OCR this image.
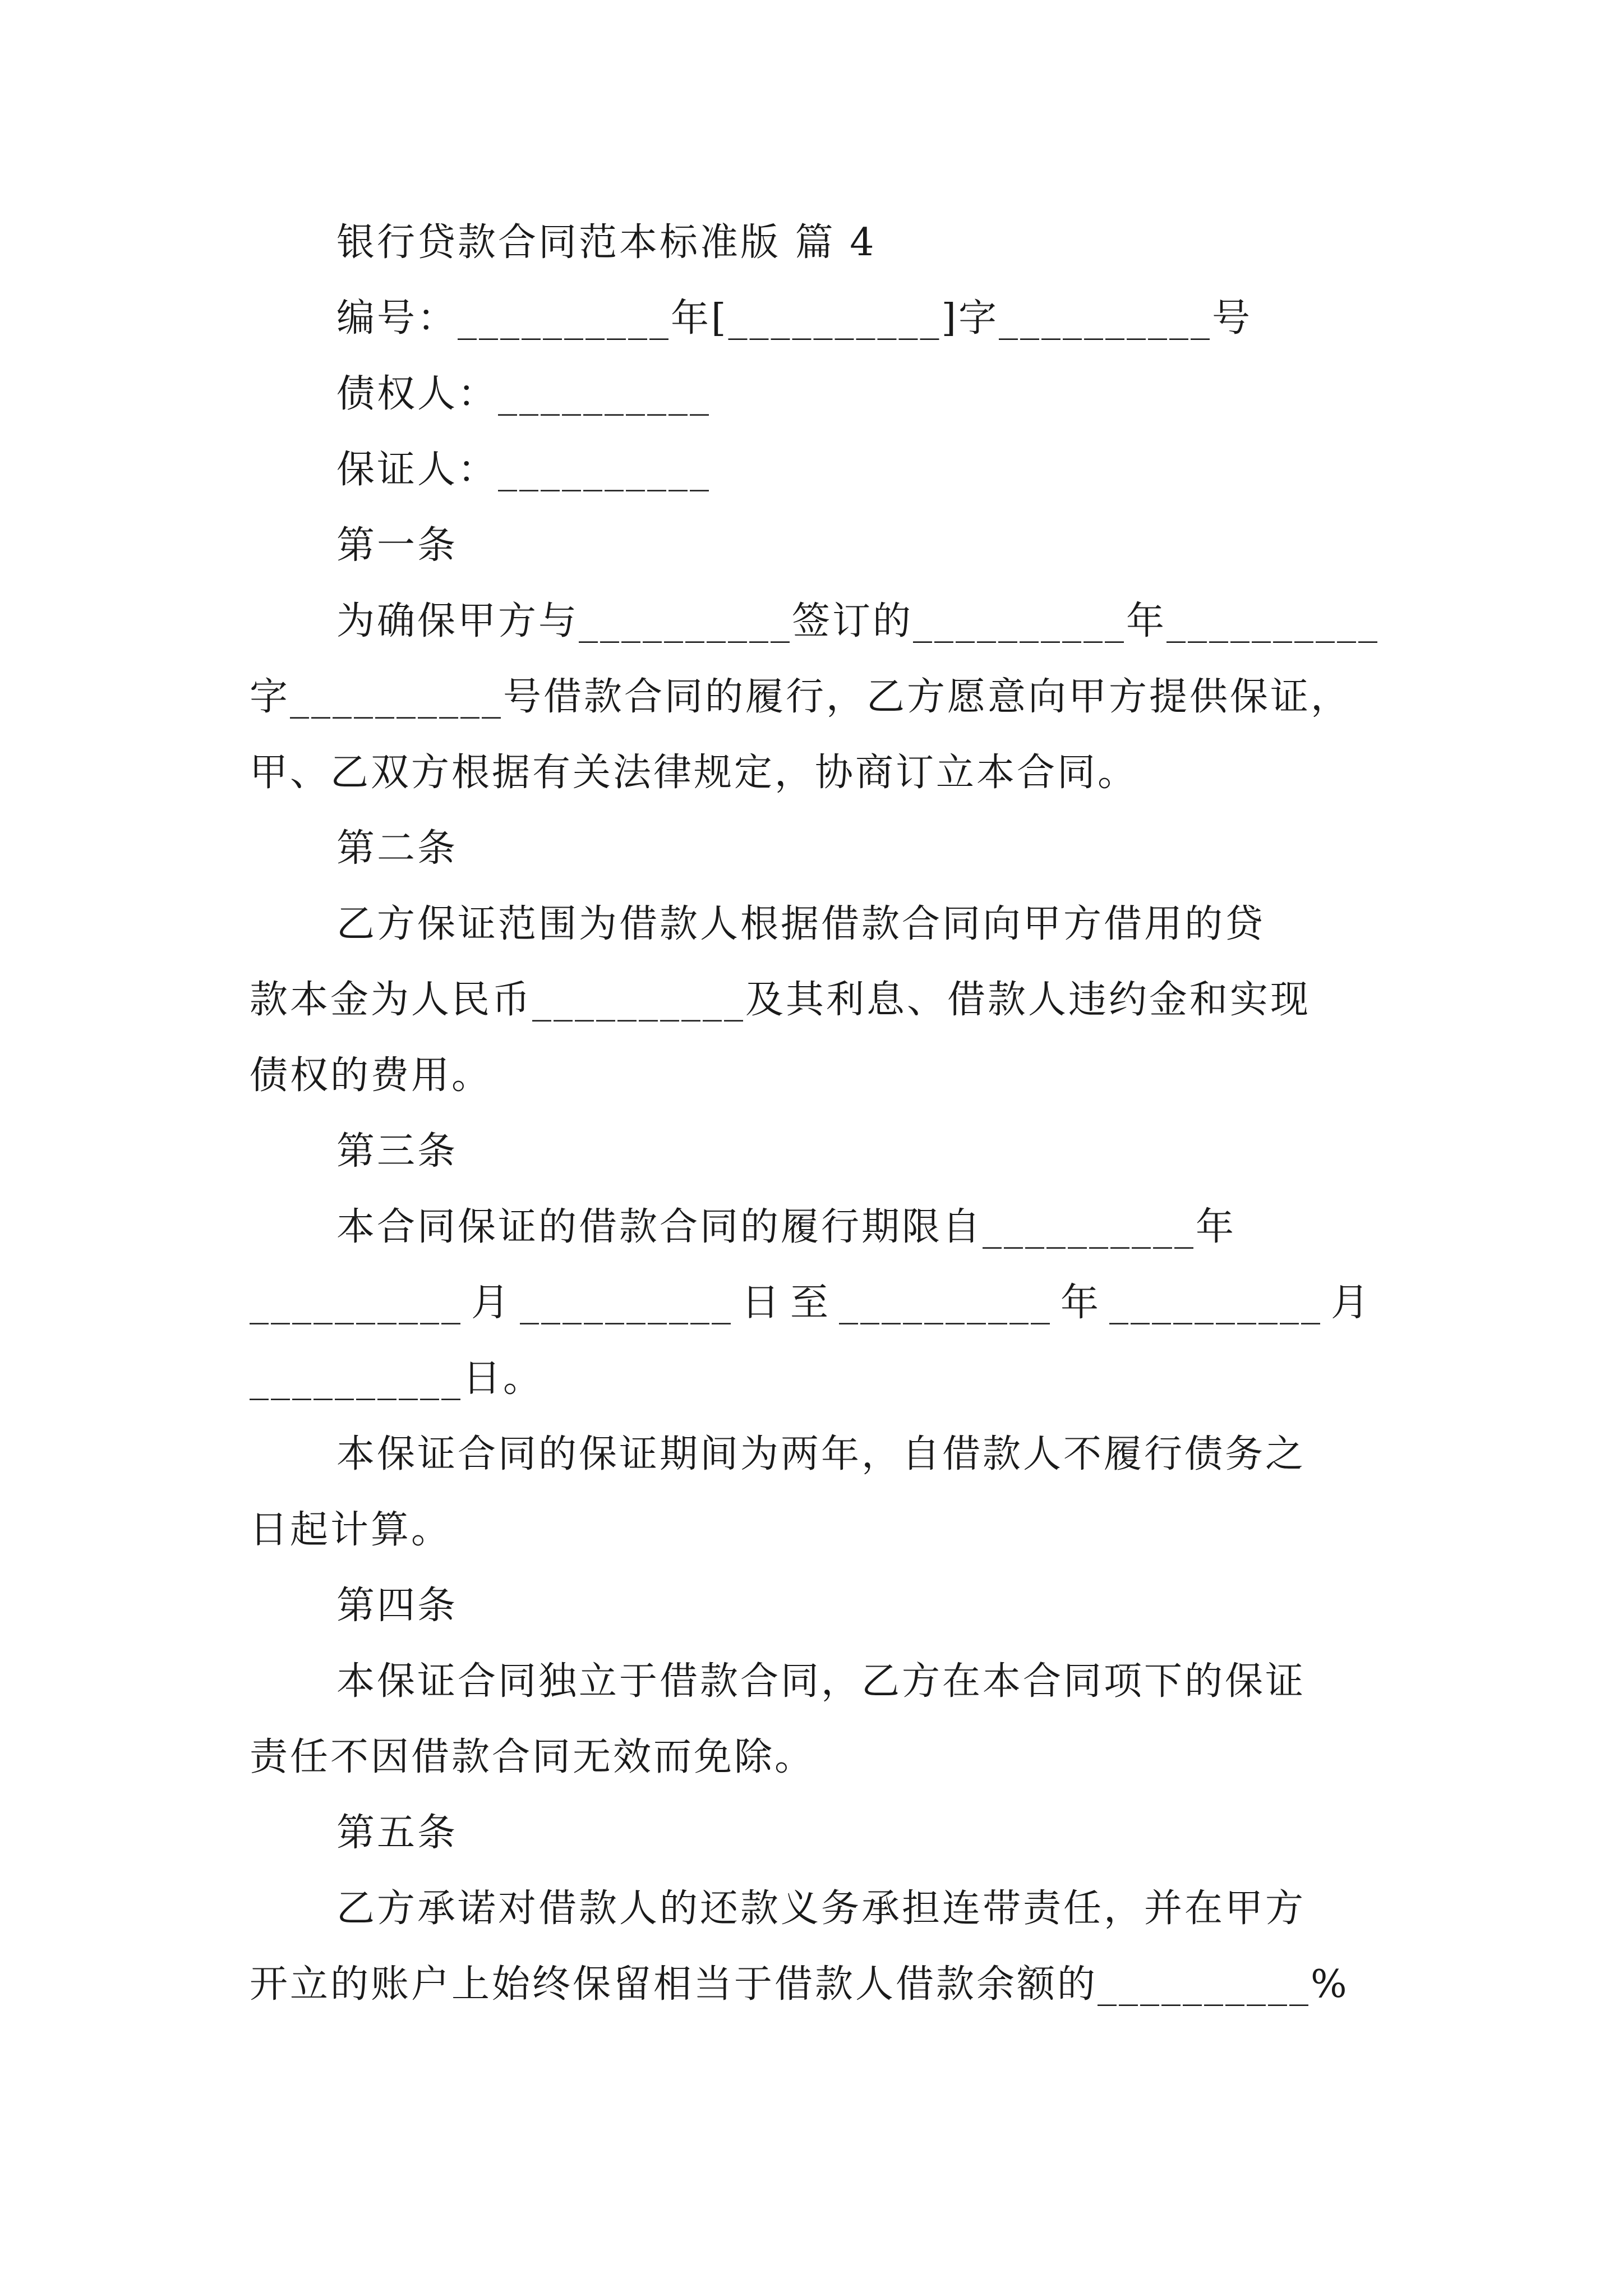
银行贷款合同范本标准版 篇 4
编号：__________年[__________]字__________号
债权人：__________
保证人：__________
第一条
为确保甲方与__________签订的__________年__________
字__________号借款合同的履行，乙方愿意向甲方提供保证，
甲、乙双方根据有关法律规定，协商订立本合同。
第二条
乙方保证范围为借款人根据借款合同向甲方借用的贷
款本金为人民币__________及其利息、借款人违约金和实现
债权的费用。
第三条
本合同保证的借款合同的履行期限自__________年
__________ 月 __________ 日 至 __________ 年 __________ 月
__________日。
本保证合同的保证期间为两年，自借款人不履行债务之
日起计算。
第四条
本保证合同独立于借款合同，乙方在本合同项下的保证
责任不因借款合同无效而免除。
第五条
乙方承诺对借款人的还款义务承担连带责任，并在甲方
开立的账户上始终保留相当于借款人借款余额的__________%
